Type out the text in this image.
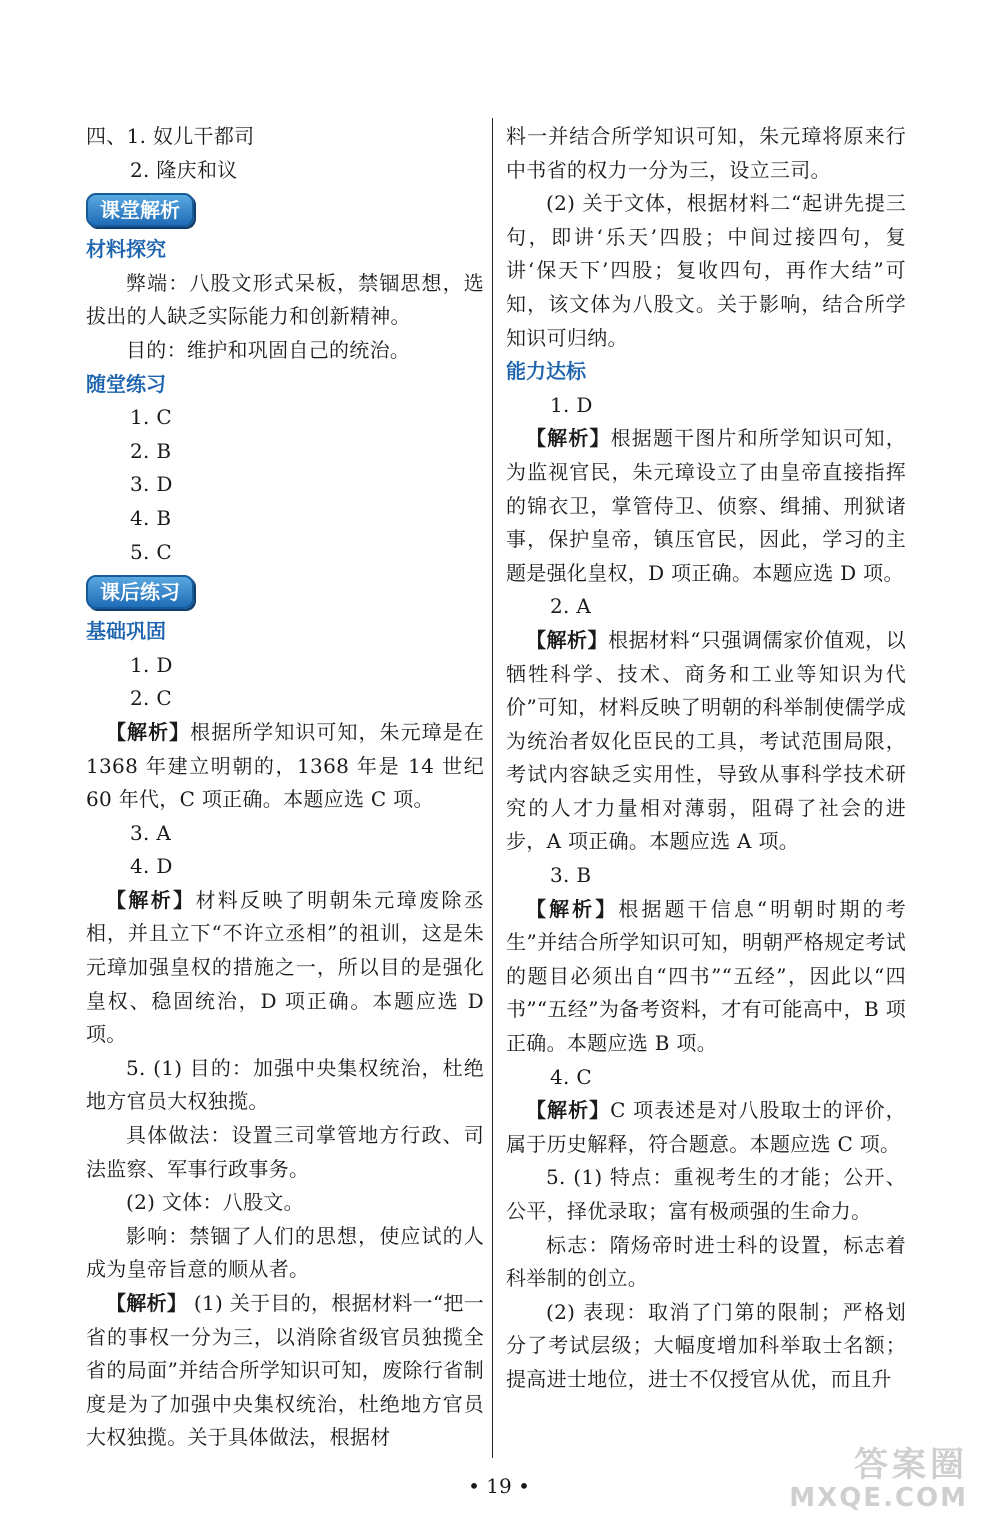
四、1. 奴儿干都司

2. 隆庆和议

课堂解析

材料探究

弊端：八股文形式呆板，禁锢思想，选拔出的人缺乏实际能力和创新精神。

目的：维护和巩固自己的统治。

随堂练习

1. C

2. B

3. D

4. B

5. C

课后练习

基础巩固

1. D

2. C

【解析】根据所学知识可知，朱元璋是在 1368 年建立明朝的，1368 年是 14 世纪 60 年代，C 项正确。本题应选 C 项。

3. A

4. D

【解析】材料反映了明朝朱元璋废除丞相，并且立下“不许立丞相”的祖训，这是朱元璋加强皇权的措施之一，所以目的是强化皇权、稳固统治，D 项正确。本题应选 D 项。

5. (1) 目的：加强中央集权统治，杜绝地方官员大权独揽。

具体做法：设置三司掌管地方行政、司法监察、军事行政事务。

(2) 文体：八股文。

影响：禁锢了人们的思想，使应试的人成为皇帝旨意的顺从者。

【解析】 (1) 关于目的，根据材料一“把一省的事权一分为三，以消除省级官员独揽全省的局面”并结合所学知识可知，废除行省制度是为了加强中央集权统治，杜绝地方官员大权独揽。关于具体做法，根据材

料一并结合所学知识可知，朱元璋将原来行中书省的权力一分为三，设立三司。

(2) 关于文体，根据材料二“起讲先提三句，即讲‘乐天’四股；中间过接四句，复讲‘保天下’四股；复收四句，再作大结”可知，该文体为八股文。关于影响，结合所学知识可归纳。

能力达标

1. D

【解析】根据题干图片和所学知识可知，为监视官民，朱元璋设立了由皇帝直接指挥的锦衣卫，掌管侍卫、侦察、缉捕、刑狱诸事，保护皇帝，镇压官民，因此，学习的主题是强化皇权，D 项正确。本题应选 D 项。

2. A

【解析】根据材料“只强调儒家价值观，以牺牲科学、技术、商务和工业等知识为代价”可知，材料反映了明朝的科举制使儒学成为统治者奴化臣民的工具，考试范围局限，考试内容缺乏实用性，导致从事科学技术研究的人才力量相对薄弱，阻碍了社会的进步，A 项正确。本题应选 A 项。

3. B

【解析】根据题干信息“明朝时期的考生”并结合所学知识可知，明朝严格规定考试的题目必须出自“四书”“五经”，因此以“四书”“五经”为备考资料，才有可能高中，B 项正确。本题应选 B 项。

4. C

【解析】C 项表述是对八股取士的评价，属于历史解释，符合题意。本题应选 C 项。

5. (1) 特点：重视考生的才能；公开、公平，择优录取；富有极顽强的生命力。

标志：隋炀帝时进士科的设置，标志着科举制的创立。

(2) 表现：取消了门第的限制；严格划分了考试层级；大幅度增加科举取士名额；提高进士地位，进士不仅授官从优，而且升

• 19 •
答案圈
MXQE.COM
